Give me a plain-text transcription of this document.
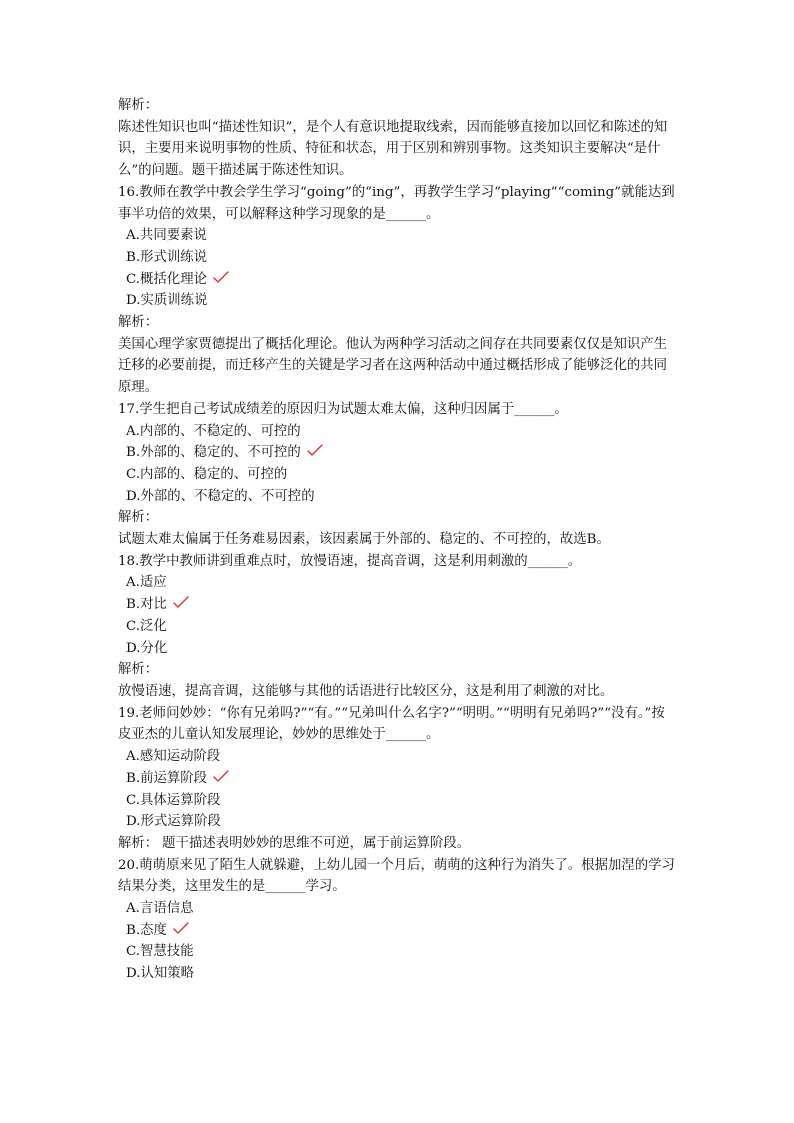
解析：
陈述性知识也叫“描述性知识”，是个人有意识地提取线索，因而能够直接加以回忆和陈述的知识，主要用来说明事物的性质、特征和状态，用于区别和辨别事物。这类知识主要解决“是什么”的问题。题干描述属于陈述性知识。
16.教师在教学中教会学生学习“going”的“ing”，再教学生学习“playing”“coming”就能达到事半功倍的效果，可以解释这种学习现象的是______。
A.共同要素说
B.形式训练说
C.概括化理论
D.实质训练说
解析：
美国心理学家贾德提出了概括化理论。他认为两种学习活动之间存在共同要素仅仅是知识产生迁移的必要前提，而迁移产生的关键是学习者在这两种活动中通过概括形成了能够泛化的共同原理。
17.学生把自己考试成绩差的原因归为试题太难太偏，这种归因属于______。
A.内部的、不稳定的、可控的
B.外部的、稳定的、不可控的
C.内部的、稳定的、可控的
D.外部的、不稳定的、不可控的
解析：
试题太难太偏属于任务难易因素，该因素属于外部的、稳定的、不可控的，故选B。
18.教学中教师讲到重难点时，放慢语速，提高音调，这是利用刺激的______。
A.适应
B.对比
C.泛化
D.分化
解析：
放慢语速，提高音调，这能够与其他的话语进行比较区分，这是利用了刺激的对比。
19.老师问妙妙：“你有兄弟吗?”“有。”“兄弟叫什么名字?”“明明。”“明明有兄弟吗?”“没有。”按皮亚杰的儿童认知发展理论，妙妙的思维处于______。
A.感知运动阶段
B.前运算阶段
C.具体运算阶段
D.形式运算阶段
解析： 题干描述表明妙妙的思维不可逆，属于前运算阶段。
20.萌萌原来见了陌生人就躲避，上幼儿园一个月后，萌萌的这种行为消失了。根据加涅的学习结果分类，这里发生的是______学习。
A.言语信息
B.态度
C.智慧技能
D.认知策略
